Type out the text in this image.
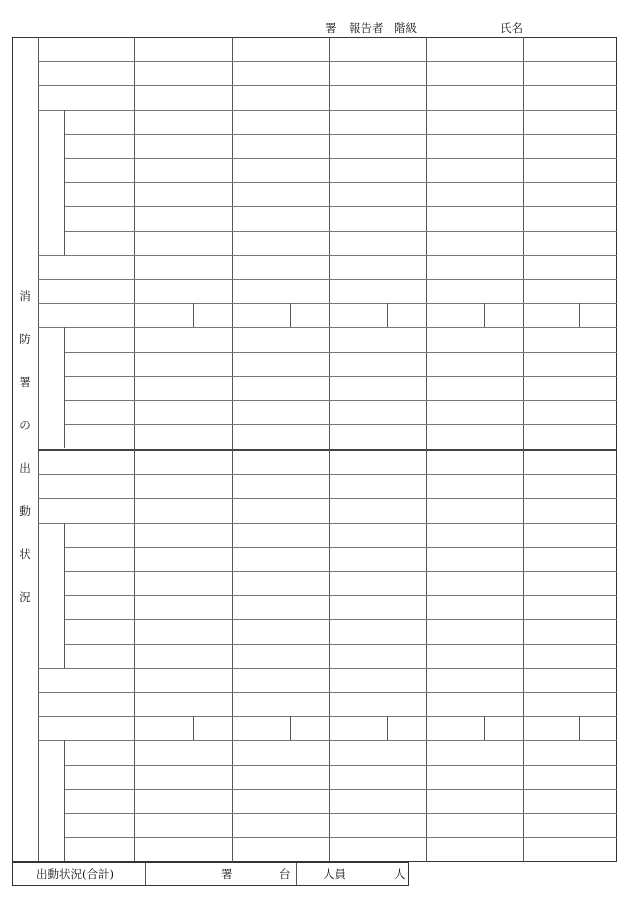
署 報告者 階級	氏名
消
防
署
の
出
動
状
況
出動状況(合計)	署	台	人員	人
